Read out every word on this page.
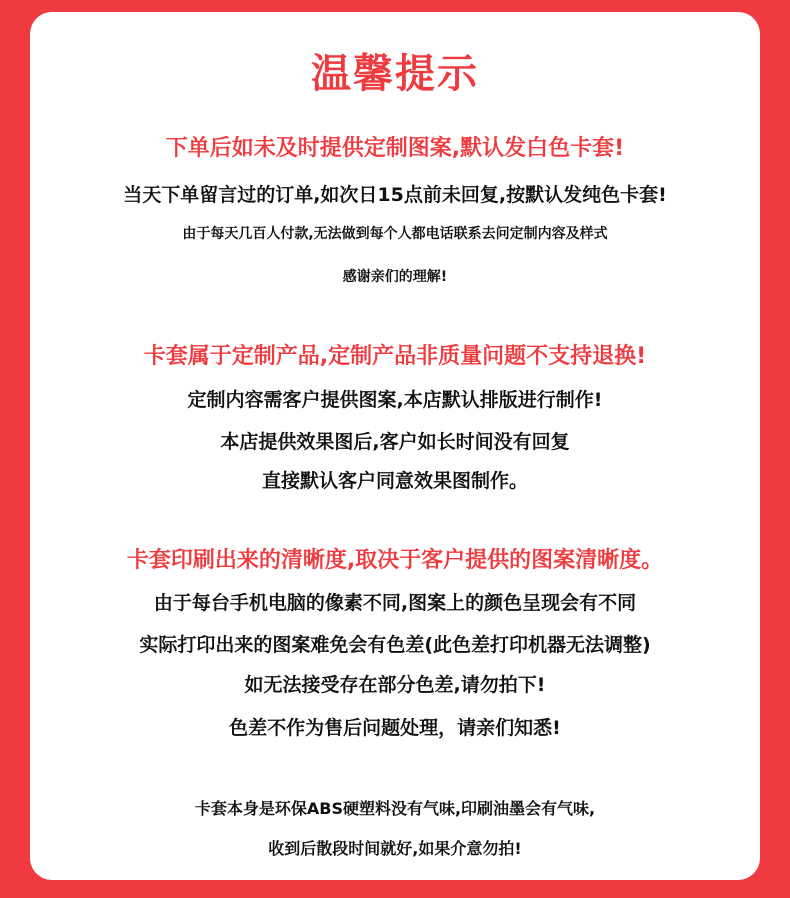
温馨提示
下单后如未及时提供定制图案,默认发白色卡套!
当天下单留言过的订单,如次日15点前未回复,按默认发纯色卡套!
由于每天几百人付款,无法做到每个人都电话联系去问定制内容及样式
感谢亲们的理解!
卡套属于定制产品,定制产品非质量问题不支持退换!
定制内容需客户提供图案,本店默认排版进行制作!
本店提供效果图后,客户如长时间没有回复
直接默认客户同意效果图制作。
卡套印刷出来的清晰度,取决于客户提供的图案清晰度。
由于每台手机电脑的像素不同,图案上的颜色呈现会有不同
实际打印出来的图案难免会有色差(此色差打印机器无法调整)
如无法接受存在部分色差,请勿拍下!
色差不作为售后问题处理，请亲们知悉!
卡套本身是环保ABS硬塑料没有气味,印刷油墨会有气味,
收到后散段时间就好,如果介意勿拍!
